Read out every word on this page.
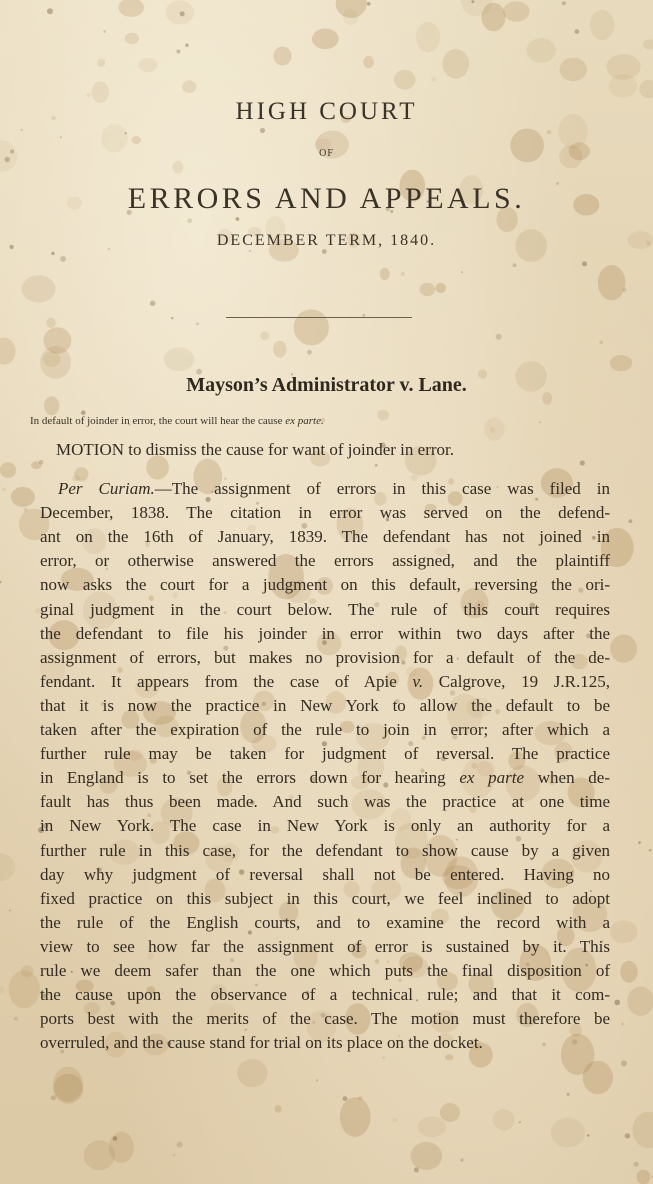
HIGH COURT
OF
ERRORS AND APPEALS.
DECEMBER TERM, 1840.
Mayson’s Administrator v. Lane.
In default of joinder in error, the court will hear the cause ex parte.
MOTION to dismiss the cause for want of joinder in error.
Per Curiam.—The assignment of errors in this case was filed in
December, 1838. The citation in error was served on the defend-
ant on the 16th of January, 1839. The defendant has not joined in
error, or otherwise answered the errors assigned, and the plaintiff
now asks the court for a judgment on this default, reversing the ori-
ginal judgment in the court below. The rule of this court requires
the defendant to file his joinder in error within two days after the
assignment of errors, but makes no provision for a default of the de-
fendant. It appears from the case of Apie v. Calgrove, 19 J.R.125,
that it is now the practice in New York to allow the default to be
taken after the expiration of the rule to join in error; after which a
further rule may be taken for judgment of reversal. The practice
in England is to set the errors down for hearing ex parte when de-
fault has thus been made. And such was the practice at one time
in New York. The case in New York is only an authority for a
further rule in this case, for the defendant to show cause by a given
day why judgment of reversal shall not be entered. Having no
fixed practice on this subject in this court, we feel inclined to adopt
the rule of the English courts, and to examine the record with a
view to see how far the assignment of error is sustained by it. This
rule we deem safer than the one which puts the final disposition of
the cause upon the observance of a technical rule; and that it com-
ports best with the merits of the case. The motion must therefore be
overruled, and the cause stand for trial on its place on the docket.
